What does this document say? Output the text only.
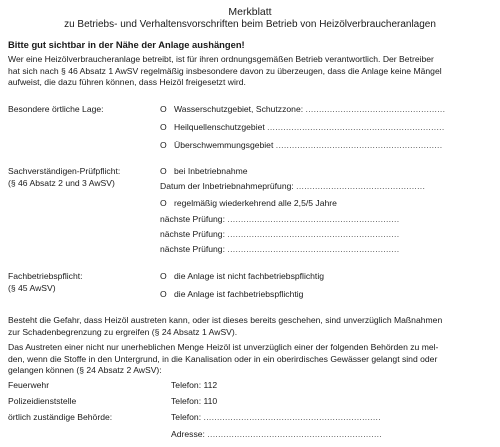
Merkblatt
zu Betriebs- und Verhaltensvorschriften beim Betrieb von Heizölverbraucheranlagen
Bitte gut sichtbar in der Nähe der Anlage aushängen!
Wer eine Heizölverbraucheranlage betreibt, ist für ihren ordnungsgemäßen Betrieb verantwortlich. Der Betreiber
hat sich nach § 46 Absatz 1 AwSV regelmäßig insbesondere davon zu überzeugen, dass die Anlage keine Mängel
aufweist, die dazu führen können, dass Heizöl freigesetzt wird.
Besondere örtliche Lage:	O Wasserschutzgebiet, Schutzzone: ....................................................
O Heilquellenschutzgebiet ..................................................................
O Überschwemmungsgebiet ..............................................................
Sachverständigen-Prüfpflicht:
(§ 46 Absatz 2 und 3 AwSV)
O bei Inbetriebnahme
Datum der Inbetriebnahmeprüfung: ................................................
O regelmäßig wiederkehrend alle 2,5/5 Jahre
nächste Prüfung: ................................................................
nächste Prüfung: ................................................................
nächste Prüfung: ................................................................
Fachbetriebspflicht:
(§ 45 AwSV)
O die Anlage ist nicht fachbetriebspflichtig
O die Anlage ist fachbetriebspflichtig
Besteht die Gefahr, dass Heizöl austreten kann, oder ist dieses bereits geschehen, sind unverzüglich Maßnahmen
zur Schadenbegrenzung zu ergreifen (§ 24 Absatz 1 AwSV).
Das Austreten einer nicht nur unerheblichen Menge Heizöl ist unverzüglich einer der folgenden Behörden zu mel-
den, wenn die Stoffe in den Untergrund, in die Kanalisation oder in ein oberirdisches Gewässer gelangt sind oder
gelangen können (§ 24 Absatz 2 AwSV):
Feuerwehr	Telefon: 112
Polizeidienststelle	Telefon: 110
örtlich zuständige Behörde:	Telefon: ..................................................................
Adresse: .................................................................
